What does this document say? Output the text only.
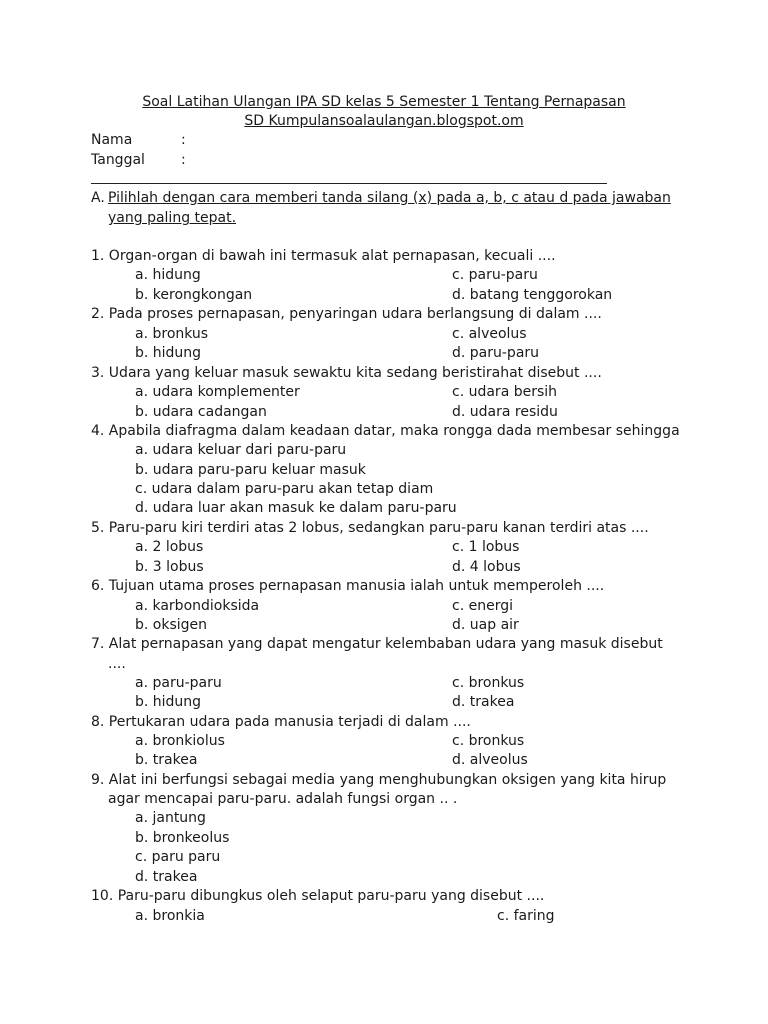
Soal Latihan Ulangan IPA SD kelas 5 Semester 1 Tentang Pernapasan
SD Kumpulansoalaulangan.blogspot.om
Nama	:
Tanggal	:
A. Pilihlah dengan cara memberi tanda silang (x) pada a, b, c atau d pada jawaban yang paling tepat.
1. Organ-organ di bawah ini termasuk alat pernapasan, kecuali ....
a. hidung	c. paru-paru
b. kerongkongan	d. batang tenggorokan
2. Pada proses pernapasan, penyaringan udara berlangsung di dalam ....
a. bronkus	c. alveolus
b. hidung	d. paru-paru
3. Udara yang keluar masuk sewaktu kita sedang beristirahat disebut ....
a. udara komplementer	c. udara bersih
b. udara cadangan	d. udara residu
4. Apabila diafragma dalam keadaan datar, maka rongga dada membesar sehingga
a. udara keluar dari paru-paru
b. udara paru-paru keluar masuk
c. udara dalam paru-paru akan tetap diam
d. udara luar akan masuk ke dalam paru-paru
5. Paru-paru kiri terdiri atas 2 lobus, sedangkan paru-paru kanan terdiri atas ....
a. 2 lobus	c. 1 lobus
b. 3 lobus	d. 4 lobus
6. Tujuan utama proses pernapasan manusia ialah untuk memperoleh ....
a. karbondioksida	c. energi
b. oksigen	d. uap air
7. Alat pernapasan yang dapat mengatur kelembaban udara yang masuk disebut
....
a. paru-paru	c. bronkus
b. hidung	d. trakea
8. Pertukaran udara pada manusia terjadi di dalam ....
a. bronkiolus	c. bronkus
b. trakea	d. alveolus
9. Alat ini berfungsi sebagai media yang menghubungkan oksigen yang kita hirup
agar mencapai paru-paru. adalah fungsi organ .. .
a. jantung
b. bronkeolus
c. paru paru
d. trakea
10. Paru-paru dibungkus oleh selaput paru-paru yang disebut ....
a. bronkia	c. faring
